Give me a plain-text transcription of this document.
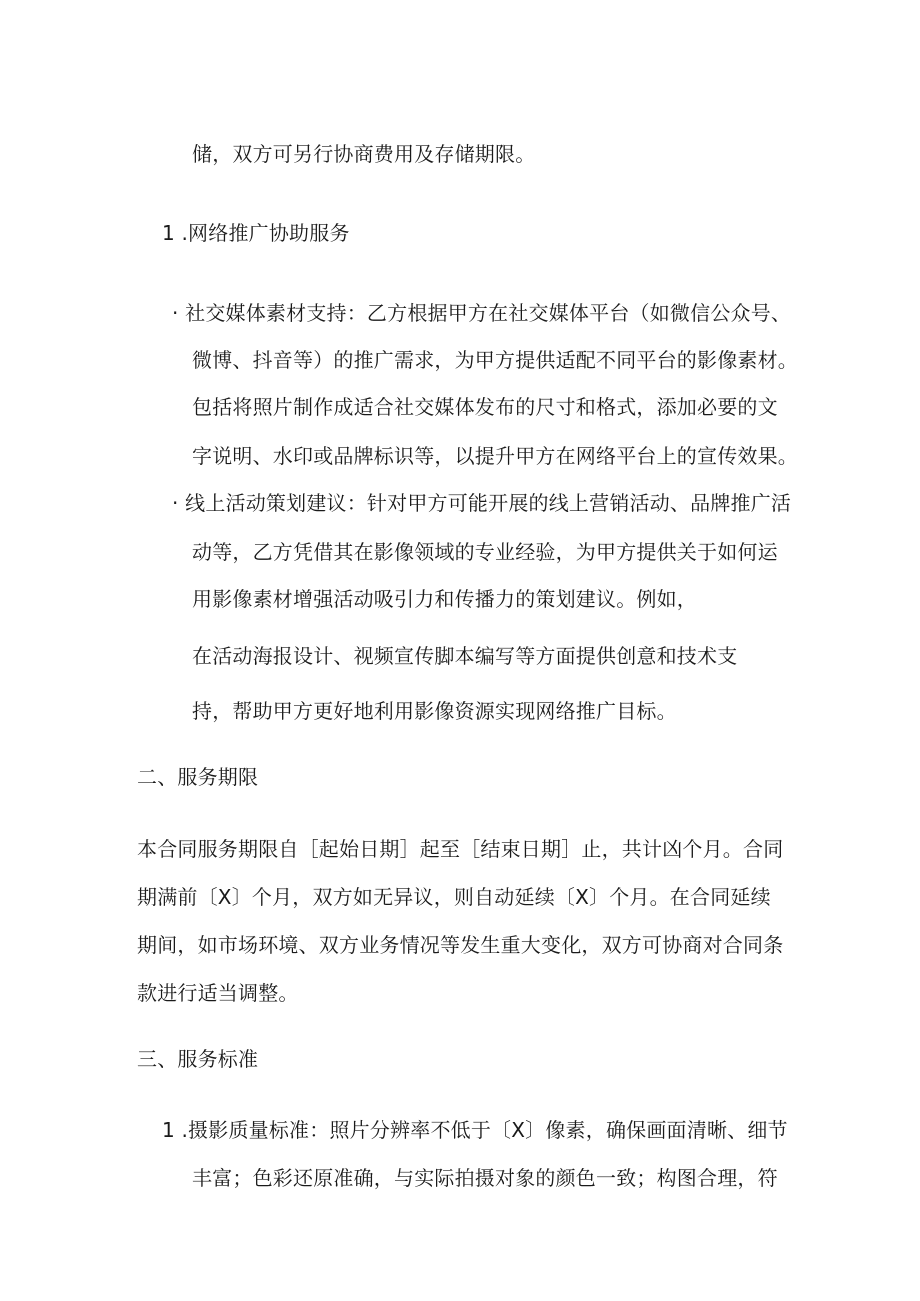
储，双方可另行协商费用及存储期限。

1 .网络推广协助服务

· 社交媒体素材支持：乙方根据甲方在社交媒体平台（如微信公众号、

微博、抖音等）的推广需求，为甲方提供适配不同平台的影像素材。

包括将照片制作成适合社交媒体发布的尺寸和格式，添加必要的文

字说明、水印或品牌标识等，以提升甲方在网络平台上的宣传效果。

· 线上活动策划建议：针对甲方可能开展的线上营销活动、品牌推广活

动等，乙方凭借其在影像领域的专业经验，为甲方提供关于如何运

用影像素材增强活动吸引力和传播力的策划建议。例如，

在活动海报设计、视频宣传脚本编写等方面提供创意和技术支

持，帮助甲方更好地利用影像资源实现网络推广目标。

二、服务期限

本合同服务期限自［起始日期］起至［结束日期］止，共计凶个月。合同

期满前〔X〕个月，双方如无异议，则自动延续〔X〕个月。在合同延续

期间，如市场环境、双方业务情况等发生重大变化，双方可协商对合同条

款进行适当调整。

三、服务标准

1 .摄影质量标准：照片分辨率不低于〔X〕像素，确保画面清晰、细节

丰富；色彩还原准确，与实际拍摄对象的颜色一致；构图合理，符
